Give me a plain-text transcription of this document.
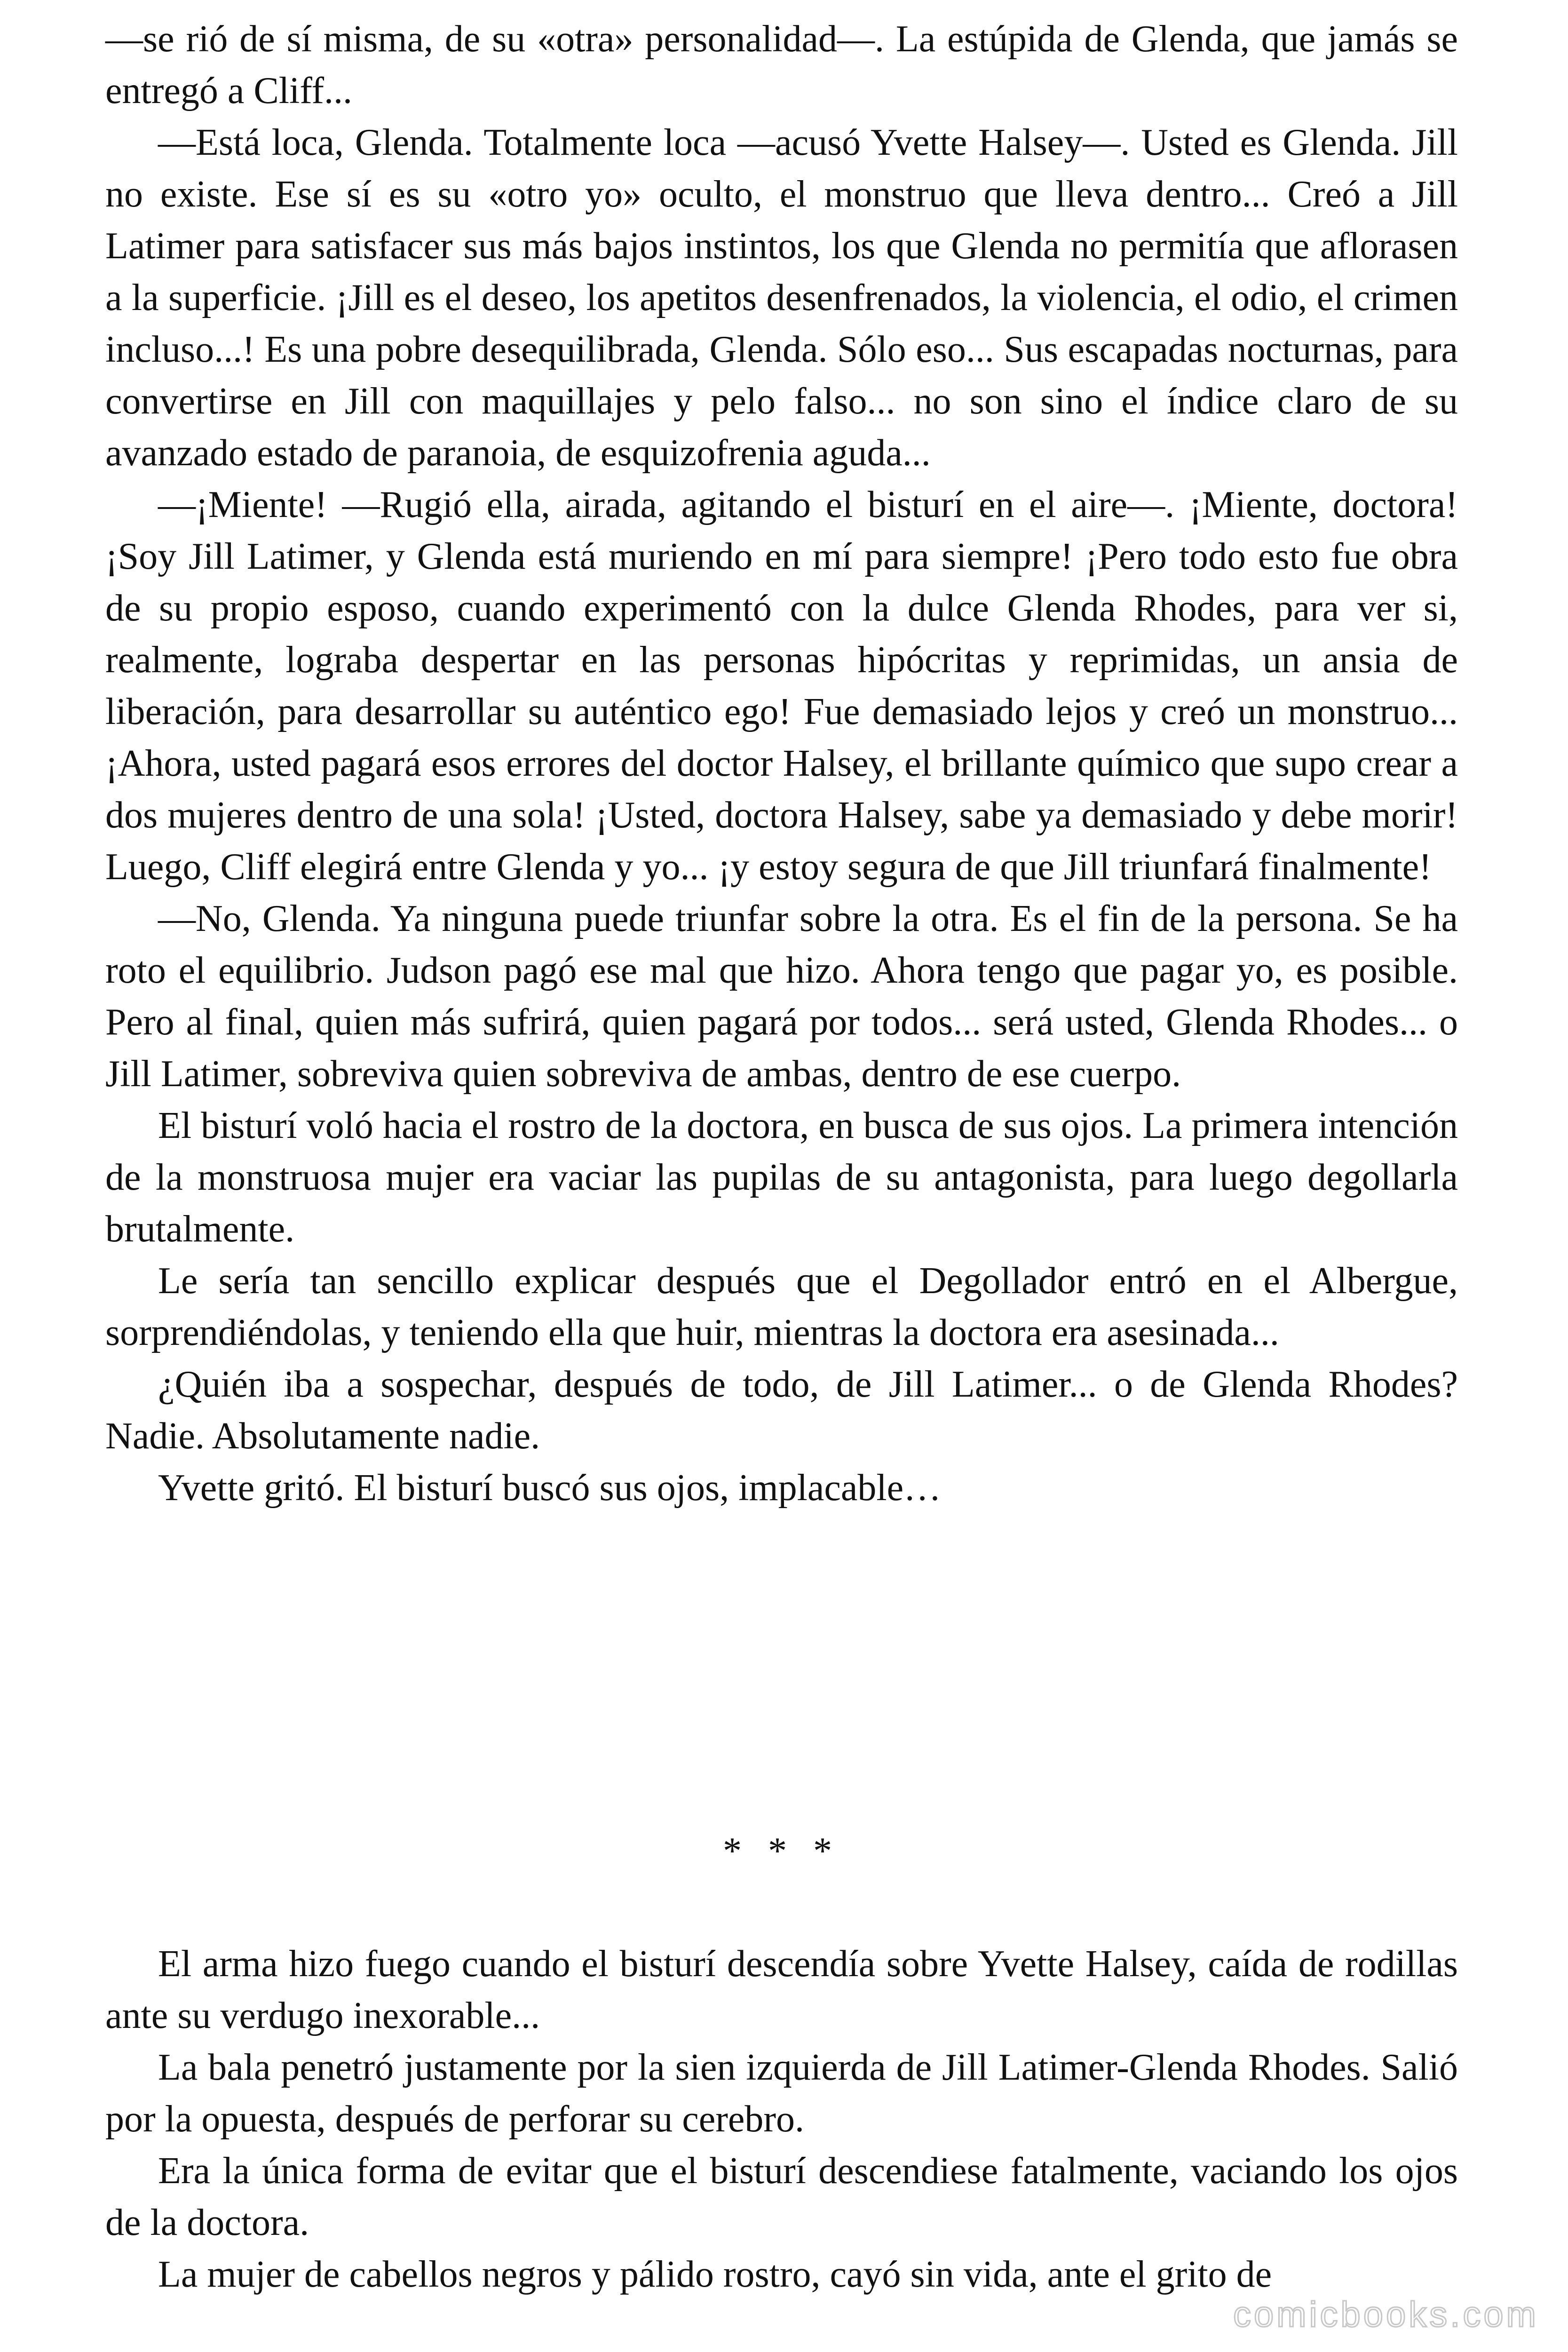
—se rió de sí misma, de su «otra» personalidad—. La estúpida de Glenda, que jamás se entregó a Cliff...

—Está loca, Glenda. Totalmente loca —acusó Yvette Halsey—. Usted es Glenda. Jill no existe. Ese sí es su «otro yo» oculto, el monstruo que lleva dentro... Creó a Jill Latimer para satisfacer sus más bajos instintos, los que Glenda no permitía que aflorasen a la superficie. ¡Jill es el deseo, los apetitos desenfrenados, la violencia, el odio, el crimen incluso...! Es una pobre desequilibrada, Glenda. Sólo eso... Sus escapadas nocturnas, para convertirse en Jill con maquillajes y pelo falso... no son sino el índice claro de su avanzado estado de paranoia, de esquizofrenia aguda...

—¡Miente! —Rugió ella, airada, agitando el bisturí en el aire—. ¡Miente, doctora! ¡Soy Jill Latimer, y Glenda está muriendo en mí para siempre! ¡Pero todo esto fue obra de su propio esposo, cuando experimentó con la dulce Glenda Rhodes, para ver si, realmente, lograba despertar en las personas hipócritas y reprimidas, un ansia de liberación, para desarrollar su auténtico ego! Fue demasiado lejos y creó un monstruo... ¡Ahora, usted pagará esos errores del doctor Halsey, el brillante químico que supo crear a dos mujeres dentro de una sola! ¡Usted, doctora Halsey, sabe ya demasiado y debe morir! Luego, Cliff elegirá entre Glenda y yo... ¡y estoy segura de que Jill triunfará finalmente!

—No, Glenda. Ya ninguna puede triunfar sobre la otra. Es el fin de la persona. Se ha roto el equilibrio. Judson pagó ese mal que hizo. Ahora tengo que pagar yo, es posible. Pero al final, quien más sufrirá, quien pagará por todos... será usted, Glenda Rhodes... o Jill Latimer, sobreviva quien sobreviva de ambas, dentro de ese cuerpo.

El bisturí voló hacia el rostro de la doctora, en busca de sus ojos. La primera intención de la monstruosa mujer era vaciar las pupilas de su antagonista, para luego degollarla brutalmente.

Le sería tan sencillo explicar después que el Degollador entró en el Albergue, sorprendiéndolas, y teniendo ella que huir, mientras la doctora era asesinada...

¿Quién iba a sospechar, después de todo, de Jill Latimer... o de Glenda Rhodes? Nadie. Absolutamente nadie.

Yvette gritó. El bisturí buscó sus ojos, implacable…

* * *

El arma hizo fuego cuando el bisturí descendía sobre Yvette Halsey, caída de rodillas ante su verdugo inexorable...

La bala penetró justamente por la sien izquierda de Jill Latimer-Glenda Rhodes. Salió por la opuesta, después de perforar su cerebro.

Era la única forma de evitar que el bisturí descendiese fatalmente, vaciando los ojos de la doctora.

La mujer de cabellos negros y pálido rostro, cayó sin vida, ante el grito de

comicbooks.com
